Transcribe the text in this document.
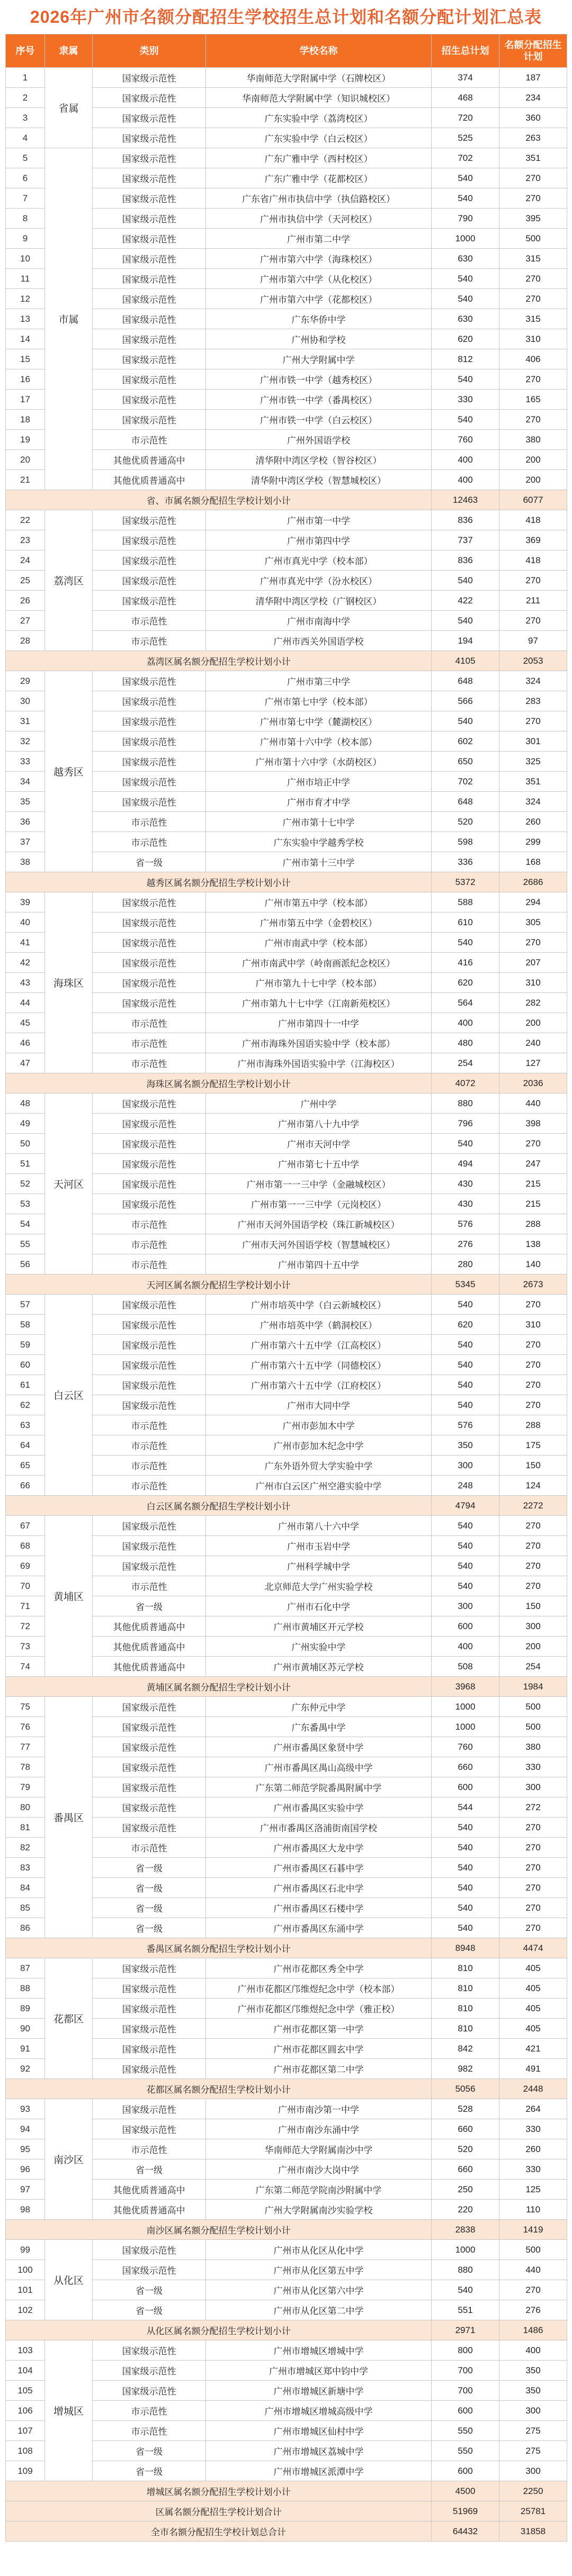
2026年广州市名额分配招生学校招生总计划和名额分配计划汇总表
序号	隶属	类别	学校名称	招生总计划	名额分配招生计划
1	省属	国家级示范性	华南师范大学附属中学（石牌校区）	374	187
2		国家级示范性	华南师范大学附属中学（知识城校区）	468	234
3		国家级示范性	广东实验中学（荔湾校区）	720	360
4		国家级示范性	广东实验中学（白云校区）	525	263
5	市属	国家级示范性	广东广雅中学（西村校区）	702	351
6		国家级示范性	广东广雅中学（花都校区）	540	270
7		国家级示范性	广东省广州市执信中学（执信路校区）	540	270
8		国家级示范性	广州市执信中学（天河校区）	790	395
9		国家级示范性	广州市第二中学	1000	500
10		国家级示范性	广州市第六中学（海珠校区）	630	315
11		国家级示范性	广州市第六中学（从化校区）	540	270
12		国家级示范性	广州市第六中学（花都校区）	540	270
13		国家级示范性	广东华侨中学	630	315
14		国家级示范性	广州协和学校	620	310
15		国家级示范性	广州大学附属中学	812	406
16		国家级示范性	广州市铁一中学（越秀校区）	540	270
17		国家级示范性	广州市铁一中学（番禺校区）	330	165
18		国家级示范性	广州市铁一中学（白云校区）	540	270
19		市示范性	广州外国语学校	760	380
20		其他优质普通高中	清华附中湾区学校（智谷校区）	400	200
21		其他优质普通高中	清华附中湾区学校（智慧城校区）	400	200
省、市属名额分配招生学校计划小计				12463	6077
22	荔湾区	国家级示范性	广州市第一中学	836	418
23		国家级示范性	广州市第四中学	737	369
24		国家级示范性	广州市真光中学（校本部）	836	418
25		国家级示范性	广州市真光中学（汾水校区）	540	270
26		国家级示范性	清华附中湾区学校（广钢校区）	422	211
27		市示范性	广州市南海中学	540	270
28		市示范性	广州市西关外国语学校	194	97
荔湾区属名额分配招生学校计划小计				4105	2053
29	越秀区	国家级示范性	广州市第三中学	648	324
30		国家级示范性	广州市第七中学（校本部）	566	283
31		国家级示范性	广州市第七中学（麓湖校区）	540	270
32		国家级示范性	广州市第十六中学（校本部）	602	301
33		国家级示范性	广州市第十六中学（水荫校区）	650	325
34		国家级示范性	广州市培正中学	702	351
35		国家级示范性	广州市育才中学	648	324
36		市示范性	广州市第十七中学	520	260
37		市示范性	广东实验中学越秀学校	598	299
38		省一级	广州市第十三中学	336	168
越秀区属名额分配招生学校计划小计				5372	2686
39	海珠区	国家级示范性	广州市第五中学（校本部）	588	294
40		国家级示范性	广州市第五中学（金碧校区）	610	305
41		国家级示范性	广州市南武中学（校本部）	540	270
42		国家级示范性	广州市南武中学（岭南画派纪念校区）	416	207
43		国家级示范性	广州市第九十七中学（校本部）	620	310
44		国家级示范性	广州市第九十七中学（江南新苑校区）	564	282
45		市示范性	广州市第四十一中学	400	200
46		市示范性	广州市海珠外国语实验中学（校本部）	480	240
47		市示范性	广州市海珠外国语实验中学（江海校区）	254	127
海珠区属名额分配招生学校计划小计				4072	2036
48	天河区	国家级示范性	广州中学	880	440
49		国家级示范性	广州市第八十九中学	796	398
50		国家级示范性	广州市天河中学	540	270
51		国家级示范性	广州市第七十五中学	494	247
52		国家级示范性	广州市第一一三中学（金融城校区）	430	215
53		国家级示范性	广州市第一一三中学（元岗校区）	430	215
54		市示范性	广州市天河外国语学校（珠江新城校区）	576	288
55		市示范性	广州市天河外国语学校（智慧城校区）	276	138
56		市示范性	广州市第四十五中学	280	140
天河区属名额分配招生学校计划小计				5345	2673
57	白云区	国家级示范性	广州市培英中学（白云新城校区）	540	270
58		国家级示范性	广州市培英中学（鹤洞校区）	620	310
59		国家级示范性	广州市第六十五中学（江高校区）	540	270
60		国家级示范性	广州市第六十五中学（同德校区）	540	270
61		国家级示范性	广州市第六十五中学（江府校区）	540	270
62		国家级示范性	广州市大同中学	540	270
63		市示范性	广州市彭加木中学	576	288
64		市示范性	广州市彭加木纪念中学	350	175
65		市示范性	广东外语外贸大学实验中学	300	150
66		市示范性	广州市白云区广州空港实验中学	248	124
白云区属名额分配招生学校计划小计				4794	2272
67	黄埔区	国家级示范性	广州市第八十六中学	540	270
68		国家级示范性	广州市玉岩中学	540	270
69		国家级示范性	广州科学城中学	540	270
70		市示范性	北京师范大学广州实验学校	540	270
71		省一级	广州市石化中学	300	150
72		其他优质普通高中	广州市黄埔区开元学校	600	300
73		其他优质普通高中	广州实验中学	400	200
74		其他优质普通高中	广州市黄埔区苏元学校	508	254
黄埔区属名额分配招生学校计划小计				3968	1984
75	番禺区	国家级示范性	广东仲元中学	1000	500
76		国家级示范性	广东番禺中学	1000	500
77		国家级示范性	广州市番禺区象贤中学	760	380
78		国家级示范性	广州市番禺区禺山高级中学	660	330
79		国家级示范性	广东第二师范学院番禺附属中学	600	300
80		国家级示范性	广州市番禺区实验中学	544	272
81		国家级示范性	广州市番禺区洛浦街南国学校	540	270
82		市示范性	广州市番禺区大龙中学	540	270
83		省一级	广州市番禺区石碁中学	540	270
84		省一级	广州市番禺区石北中学	540	270
85		省一级	广州市番禺区石楼中学	540	270
86		省一级	广州市番禺区东涌中学	540	270
番禺区属名额分配招生学校计划小计				8948	4474
87	花都区	国家级示范性	广州市花都区秀全中学	810	405
88		国家级示范性	广州市花都区邝维煜纪念中学（校本部）	810	405
89		国家级示范性	广州市花都区邝维煜纪念中学（雅正校）	810	405
90		国家级示范性	广州市花都区第一中学	810	405
91		国家级示范性	广州市花都区圆玄中学	842	421
92		国家级示范性	广州市花都区第二中学	982	491
花都区属名额分配招生学校计划小计				5056	2448
93	南沙区	国家级示范性	广州市南沙第一中学	528	264
94		国家级示范性	广州市南沙东涌中学	660	330
95		市示范性	华南师范大学附属南沙中学	520	260
96		省一级	广州市南沙大岗中学	660	330
97		其他优质普通高中	广东第二师范学院南沙附属中学	250	125
98		其他优质普通高中	广州大学附属南沙实验学校	220	110
南沙区属名额分配招生学校计划小计				2838	1419
99	从化区	国家级示范性	广州市从化区从化中学	1000	500
100		国家级示范性	广州市从化区第五中学	880	440
101		省一级	广州市从化区第六中学	540	270
102		省一级	广州市从化区第二中学	551	276
从化区属名额分配招生学校计划小计				2971	1486
103	增城区	国家级示范性	广州市增城区增城中学	800	400
104		国家级示范性	广州市增城区郑中钧中学	700	350
105		国家级示范性	广州市增城区新塘中学	700	350
106		市示范性	广州市增城区增城高级中学	600	300
107		市示范性	广州市增城区仙村中学	550	275
108		省一级	广州市增城区荔城中学	550	275
109		省一级	广州市增城区派潭中学	600	300
增城区属名额分配招生学校计划小计				4500	2250
区属名额分配招生学校计划合计				51969	25781
全市名额分配招生学校计划总合计				64432	31858
